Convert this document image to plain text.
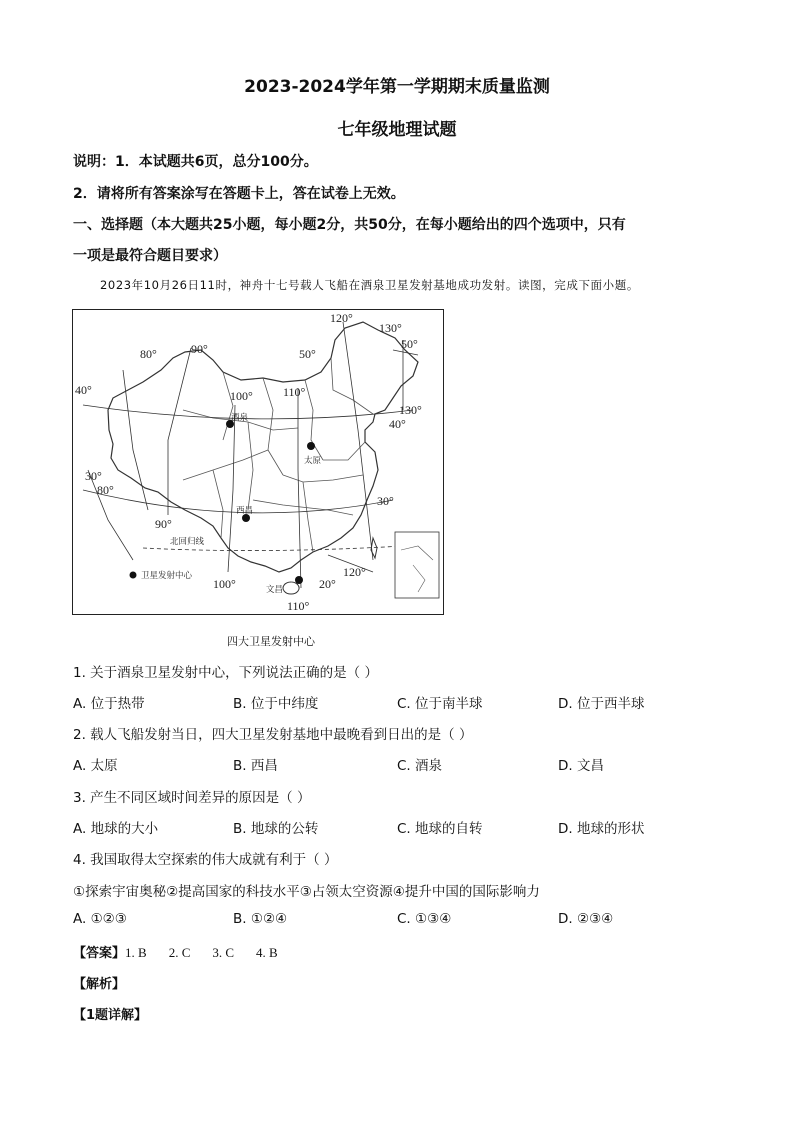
2023-2024学年第一学期期末质量监测
七年级地理试题
说明：1．本试题共6页，总分100分。
2．请将所有答案涂写在答题卡上，答在试卷上无效。
一、选择题（本大题共25小题，每小题2分，共50分，在每小题给出的四个选项中，只有
一项是最符合题目要求）
2023年10月26日11时，神舟十七号载人飞船在酒泉卫星发射基地成功发射。读图，完成下面小题。
120°
130°
80°	90°	50°
50°
40°	100°	110°
130°
40°
30°
80°
30°
90°
120°
100°	20°
110°
酒泉
太原
西昌
文昌
北回归线
卫星发射中心
四大卫星发射中心
1. 关于酒泉卫星发射中心，下列说法正确的是（ ）
A. 位于热带	B. 位于中纬度	C. 位于南半球	D. 位于西半球
2. 载人飞船发射当日，四大卫星发射基地中最晚看到日出的是（ ）
A. 太原	B. 西昌	C. 酒泉	D. 文昌
3. 产生不同区域时间差异的原因是（ ）
A. 地球的大小	B. 地球的公转	C. 地球的自转	D. 地球的形状
4. 我国取得太空探索的伟大成就有利于（ ）
①探索宇宙奥秘②提高国家的科技水平③占领太空资源④提升中国的国际影响力
A. ①②③	B. ①②④	C. ①③④	D. ②③④
【答案】1. B 2. C 3. C 4. B
【解析】
【1题详解】
